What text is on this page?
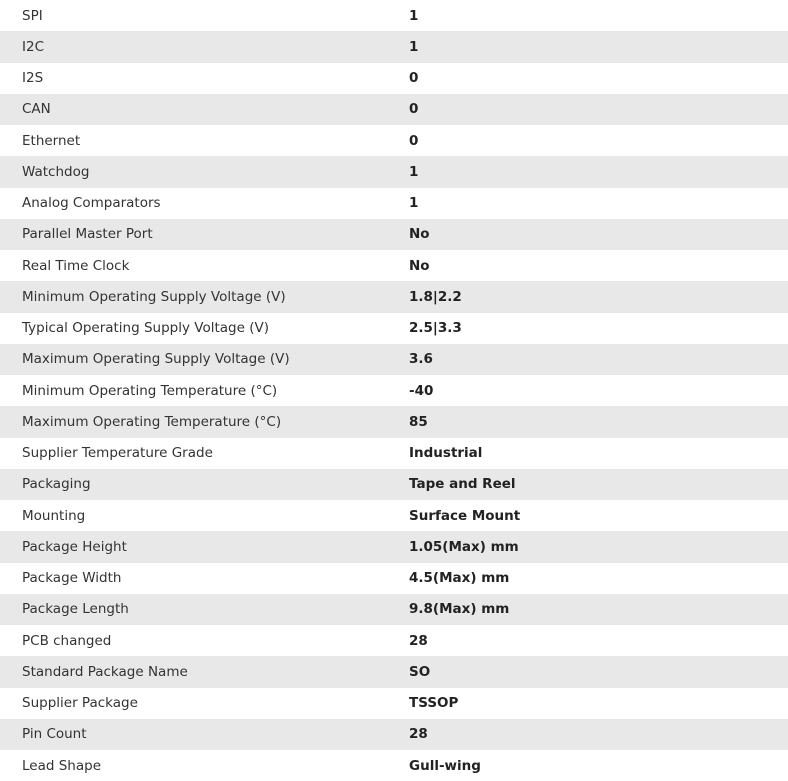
SPI	1
I2C	1
I2S	0
CAN	0
Ethernet	0
Watchdog	1
Analog Comparators	1
Parallel Master Port	No
Real Time Clock	No
Minimum Operating Supply Voltage (V)	1.8|2.2
Typical Operating Supply Voltage (V)	2.5|3.3
Maximum Operating Supply Voltage (V)	3.6
Minimum Operating Temperature (°C)	-40
Maximum Operating Temperature (°C)	85
Supplier Temperature Grade	Industrial
Packaging	Tape and Reel
Mounting	Surface Mount
Package Height	1.05(Max) mm
Package Width	4.5(Max) mm
Package Length	9.8(Max) mm
PCB changed	28
Standard Package Name	SO
Supplier Package	TSSOP
Pin Count	28
Lead Shape	Gull-wing
